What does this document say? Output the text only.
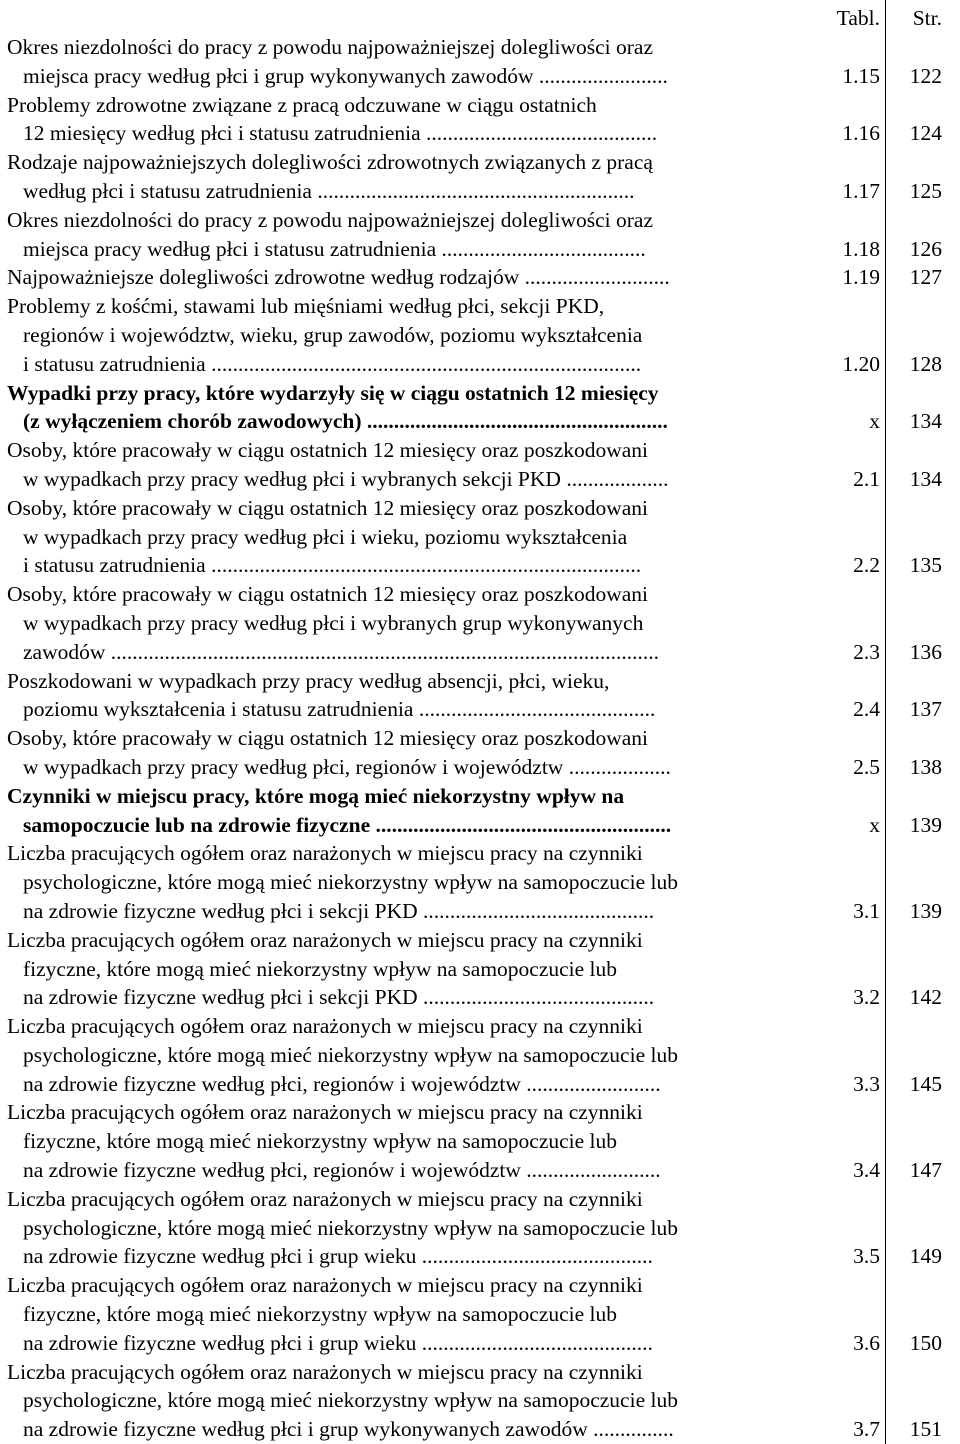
Tabl.	Str.
Okres niezdolności do pracy z powodu najpoważniejszej dolegliwości oraz
miejsca pracy według płci i grup wykonywanych zawodów ........................	1.15	122
Problemy zdrowotne związane z pracą odczuwane w ciągu ostatnich
12 miesięcy według płci i statusu zatrudnienia ...........................................	1.16	124
Rodzaje najpoważniejszych dolegliwości zdrowotnych związanych z pracą
według płci i statusu zatrudnienia ...........................................................	1.17	125
Okres niezdolności do pracy z powodu najpoważniejszej dolegliwości oraz
miejsca pracy według płci i statusu zatrudnienia ......................................	1.18	126
Najpoważniejsze dolegliwości zdrowotne według rodzajów ...........................	1.19	127
Problemy z kośćmi, stawami lub mięśniami według płci, sekcji PKD,
regionów i województw, wieku, grup zawodów, poziomu wykształcenia
i statusu zatrudnienia ................................................................................	1.20	128
Wypadki przy pracy, które wydarzyły się w ciągu ostatnich 12 miesięcy
(z wyłączeniem chorób zawodowych) ........................................................	x	134
Osoby, które pracowały w ciągu ostatnich 12 miesięcy oraz poszkodowani
w wypadkach przy pracy według płci i wybranych sekcji PKD ...................	2.1	134
Osoby, które pracowały w ciągu ostatnich 12 miesięcy oraz poszkodowani
w wypadkach przy pracy według płci i wieku, poziomu wykształcenia
i statusu zatrudnienia ................................................................................	2.2	135
Osoby, które pracowały w ciągu ostatnich 12 miesięcy oraz poszkodowani
w wypadkach przy pracy według płci i wybranych grup wykonywanych
zawodów ......................................................................................................	2.3	136
Poszkodowani w wypadkach przy pracy według absencji, płci, wieku,
poziomu wykształcenia i statusu zatrudnienia ............................................	2.4	137
Osoby, które pracowały w ciągu ostatnich 12 miesięcy oraz poszkodowani
w wypadkach przy pracy według płci, regionów i województw ...................	2.5	138
Czynniki w miejscu pracy, które mogą mieć niekorzystny wpływ na
samopoczucie lub na zdrowie fizyczne .......................................................	x	139
Liczba pracujących ogółem oraz narażonych w miejscu pracy na czynniki
psychologiczne, które mogą mieć niekorzystny wpływ na samopoczucie lub
na zdrowie fizyczne według płci i sekcji PKD ...........................................	3.1	139
Liczba pracujących ogółem oraz narażonych w miejscu pracy na czynniki
fizyczne, które mogą mieć niekorzystny wpływ na samopoczucie lub
na zdrowie fizyczne według płci i sekcji PKD ...........................................	3.2	142
Liczba pracujących ogółem oraz narażonych w miejscu pracy na czynniki
psychologiczne, które mogą mieć niekorzystny wpływ na samopoczucie lub
na zdrowie fizyczne według płci, regionów i województw .........................	3.3	145
Liczba pracujących ogółem oraz narażonych w miejscu pracy na czynniki
fizyczne, które mogą mieć niekorzystny wpływ na samopoczucie lub
na zdrowie fizyczne według płci, regionów i województw .........................	3.4	147
Liczba pracujących ogółem oraz narażonych w miejscu pracy na czynniki
psychologiczne, które mogą mieć niekorzystny wpływ na samopoczucie lub
na zdrowie fizyczne według płci i grup wieku ...........................................	3.5	149
Liczba pracujących ogółem oraz narażonych w miejscu pracy na czynniki
fizyczne, które mogą mieć niekorzystny wpływ na samopoczucie lub
na zdrowie fizyczne według płci i grup wieku ...........................................	3.6	150
Liczba pracujących ogółem oraz narażonych w miejscu pracy na czynniki
psychologiczne, które mogą mieć niekorzystny wpływ na samopoczucie lub
na zdrowie fizyczne według płci i grup wykonywanych zawodów ...............	3.7	151
